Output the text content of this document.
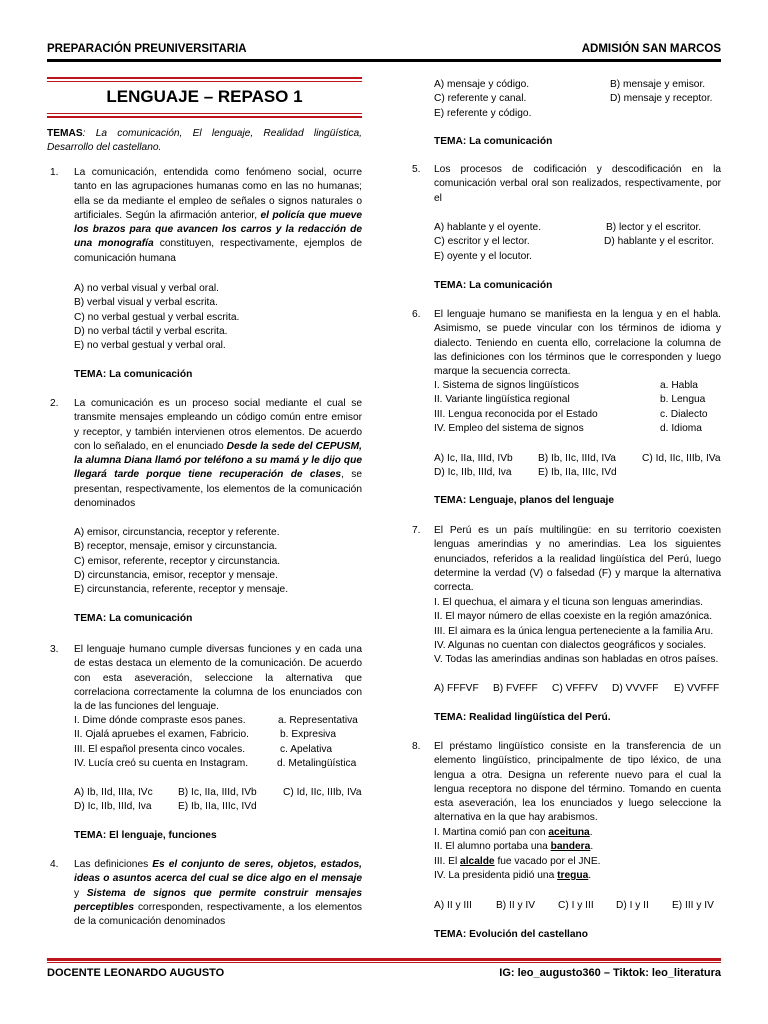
PREPARACIÓN PREUNIVERSITARIA	ADMISIÓN SAN MARCOS
LENGUAJE – REPASO 1
TEMAS: La comunicación, El lenguaje, Realidad lingüística, Desarrollo del castellano.
1. La comunicación, entendida como fenómeno social, ocurre tanto en las agrupaciones humanas como en las no humanas; ella se da mediante el empleo de señales o signos naturales o artificiales. Según la afirmación anterior, el policía que mueve los brazos para que avancen los carros y la redacción de una monografía constituyen, respectivamente, ejemplos de comunicación humana
A) no verbal visual y verbal oral.
B) verbal visual y verbal escrita.
C) no verbal gestual y verbal escrita.
D) no verbal táctil y verbal escrita.
E) no verbal gestual y verbal oral.
TEMA: La comunicación
2. La comunicación es un proceso social mediante el cual se transmite mensajes empleando un código común entre emisor y receptor, y también intervienen otros elementos. De acuerdo con lo señalado, en el enunciado Desde la sede del CEPUSM, la alumna Diana llamó por teléfono a su mamá y le dijo que llegará tarde porque tiene recuperación de clases, se presentan, respectivamente, los elementos de la comunicación denominados
A) emisor, circunstancia, receptor y referente.
B) receptor, mensaje, emisor y circunstancia.
C) emisor, referente, receptor y circunstancia.
D) circunstancia, emisor, receptor y mensaje.
E) circunstancia, referente, receptor y mensaje.
TEMA: La comunicación
3. El lenguaje humano cumple diversas funciones y en cada una de estas destaca un elemento de la comunicación. De acuerdo con esta aseveración, seleccione la alternativa que correlaciona correctamente la columna de los enunciados con la de las funciones del lenguaje.
I. Dime dónde compraste esos panes.	a. Representativa
II. Ojalá apruebes el examen, Fabricio.	b. Expresiva
III. El español presenta cinco vocales.	c. Apelativa
IV. Lucía creó su cuenta en Instagram.	d. Metalingüística
A) Ib, IId, IIIa, IVc B) Ic, IIa, IIId, IVb	C) Id, IIc, IIIb, IVa
D) Ic, IIb, IIId, Iva	E) Ib, IIa, IIIc, IVd
TEMA: El lenguaje, funciones
4. Las definiciones Es el conjunto de seres, objetos, estados, ideas o asuntos acerca del cual se dice algo en el mensaje y Sistema de signos que permite construir mensajes perceptibles corresponden, respectivamente, a los elementos de la comunicación denominados
A) mensaje y código.	B) mensaje y emisor.
C) referente y canal.	D) mensaje y receptor.
E) referente y código.
TEMA: La comunicación
5. Los procesos de codificación y descodificación en la comunicación verbal oral son realizados, respectivamente, por el
A) hablante y el oyente.	B) lector y el escritor.
C) escritor y el lector.	D) hablante y el escritor.
E) oyente y el locutor.
TEMA: La comunicación
6. El lenguaje humano se manifiesta en la lengua y en el habla. Asimismo, se puede vincular con los términos de idioma y dialecto. Teniendo en cuenta ello, correlacione la columna de las definiciones con los términos que le corresponden y luego marque la secuencia correcta.
I. Sistema de signos lingüísticos	a. Habla
II. Variante lingüística regional	b. Lengua
III. Lengua reconocida por el Estado	c. Dialecto
IV. Empleo del sistema de signos	d. Idioma
A) Ic, IIa, IIId, IVb B) Ib, IIc, IIId, IVa	C) Id, IIc, IIIb, IVa
D) Ic, IIb, IIId, Iva	E) Ib, IIa, IIIc, IVd
TEMA: Lenguaje, planos del lenguaje
7. El Perú es un país multilingüe: en su territorio coexisten lenguas amerindias y no amerindias. Lea los siguientes enunciados, referidos a la realidad lingüística del Perú, luego determine la verdad (V) o falsedad (F) y marque la alternativa correcta.
I. El quechua, el aimara y el ticuna son lenguas amerindias.
II. El mayor número de ellas coexiste en la región amazónica.
III. El aimara es la única lengua perteneciente a la familia Aru.
IV. Algunas no cuentan con dialectos geográficos y sociales.
V. Todas las amerindias andinas son habladas en otros países.
A) FFFVF B) FVFFF C) VFFFV D) VVVFF E) VVFFF
TEMA: Realidad lingüística del Perú.
8. El préstamo lingüístico consiste en la transferencia de un elemento lingüístico, principalmente de tipo léxico, de una lengua a otra. Designa un referente nuevo para el cual la lengua receptora no dispone del término. Tomando en cuenta esta aseveración, lea los enunciados y luego seleccione la alternativa en la que hay arabismos.
I. Martina comió pan con aceituna.
II. El alumno portaba una bandera.
III. El alcalde fue vacado por el JNE.
IV. La presidenta pidió una tregua.
A) II y III B) II y IV C) I y III D) I y II E) III y IV
TEMA: Evolución del castellano
DOCENTE LEONARDO AUGUSTO	IG: leo_augusto360 – Tiktok: leo_literatura
